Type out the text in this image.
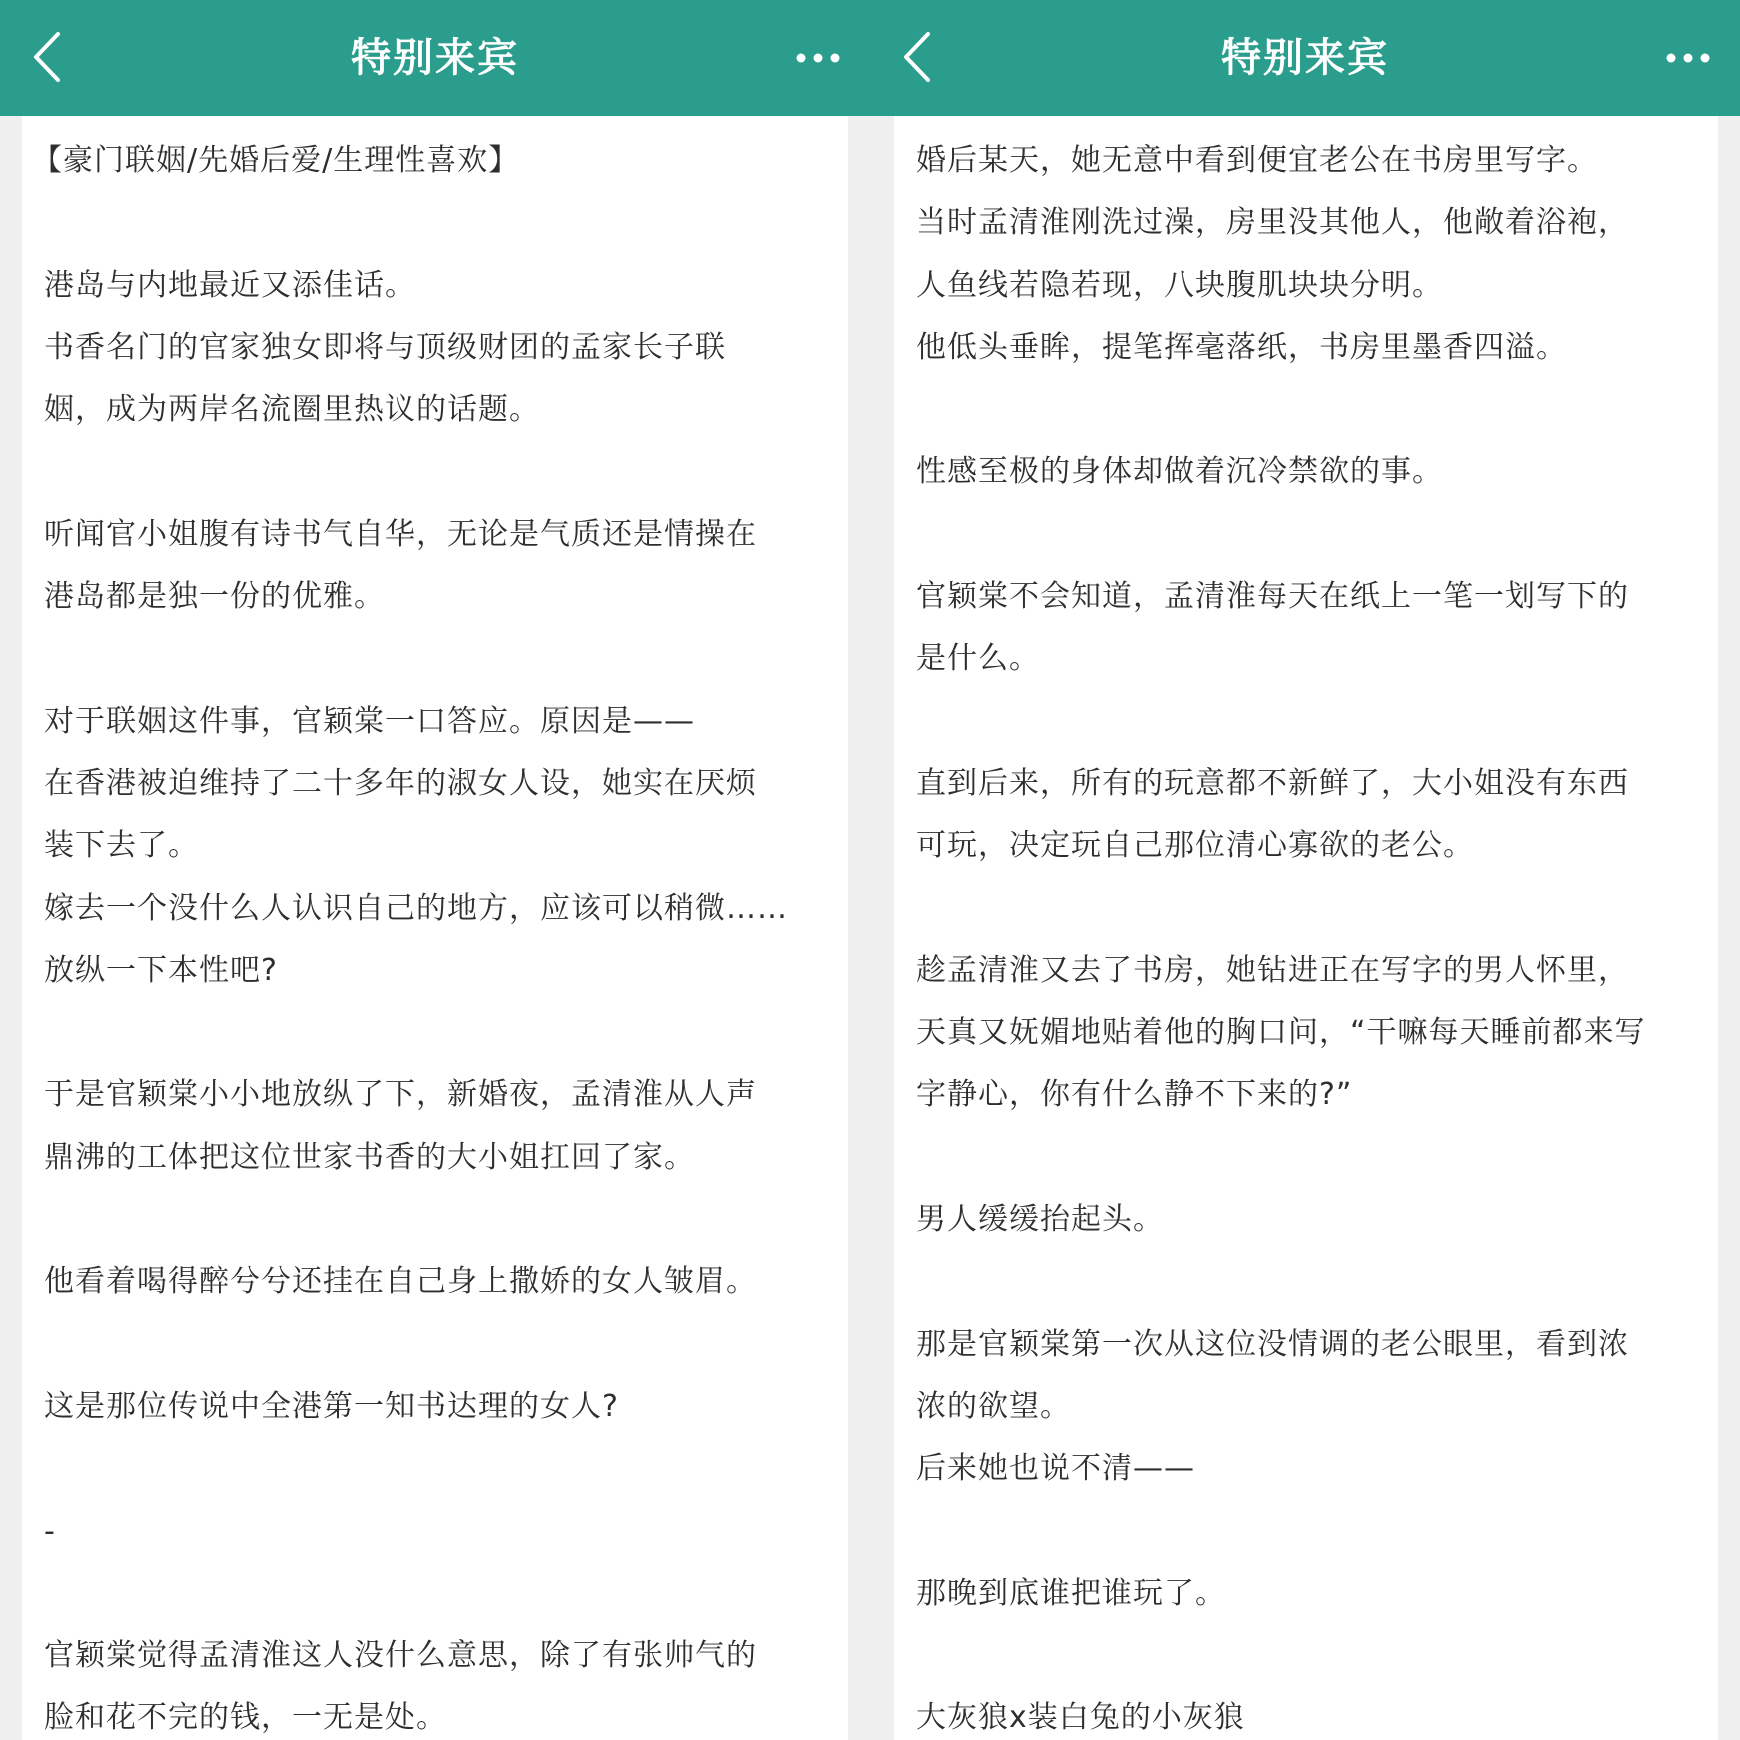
特别来宾
【豪门联姻/先婚后爱/生理性喜欢】
港岛与内地最近又添佳话。
书香名门的官家独女即将与顶级财团的孟家长子联
姻，成为两岸名流圈里热议的话题。
听闻官小姐腹有诗书气自华，无论是气质还是情操在
港岛都是独一份的优雅。
对于联姻这件事，官颖棠一口答应。原因是——
在香港被迫维持了二十多年的淑女人设，她实在厌烦
装下去了。
嫁去一个没什么人认识自己的地方，应该可以稍微……
放纵一下本性吧?
于是官颖棠小小地放纵了下，新婚夜，孟清淮从人声
鼎沸的工体把这位世家书香的大小姐扛回了家。
他看着喝得醉兮兮还挂在自己身上撒娇的女人皱眉。
这是那位传说中全港第一知书达理的女人?
-
官颖棠觉得孟清淮这人没什么意思，除了有张帅气的
脸和花不完的钱，一无是处。
特别来宾
婚后某天，她无意中看到便宜老公在书房里写字。
当时孟清淮刚洗过澡，房里没其他人，他敞着浴袍，
人鱼线若隐若现，八块腹肌块块分明。
他低头垂眸，提笔挥毫落纸，书房里墨香四溢。
性感至极的身体却做着沉冷禁欲的事。
官颖棠不会知道，孟清淮每天在纸上一笔一划写下的
是什么。
直到后来，所有的玩意都不新鲜了，大小姐没有东西
可玩，决定玩自己那位清心寡欲的老公。
趁孟清淮又去了书房，她钻进正在写字的男人怀里，
天真又妩媚地贴着他的胸口问，“干嘛每天睡前都来写
字静心，你有什么静不下来的?”
男人缓缓抬起头。
那是官颖棠第一次从这位没情调的老公眼里，看到浓
浓的欲望。
后来她也说不清——
那晚到底谁把谁玩了。
大灰狼x装白兔的小灰狼
